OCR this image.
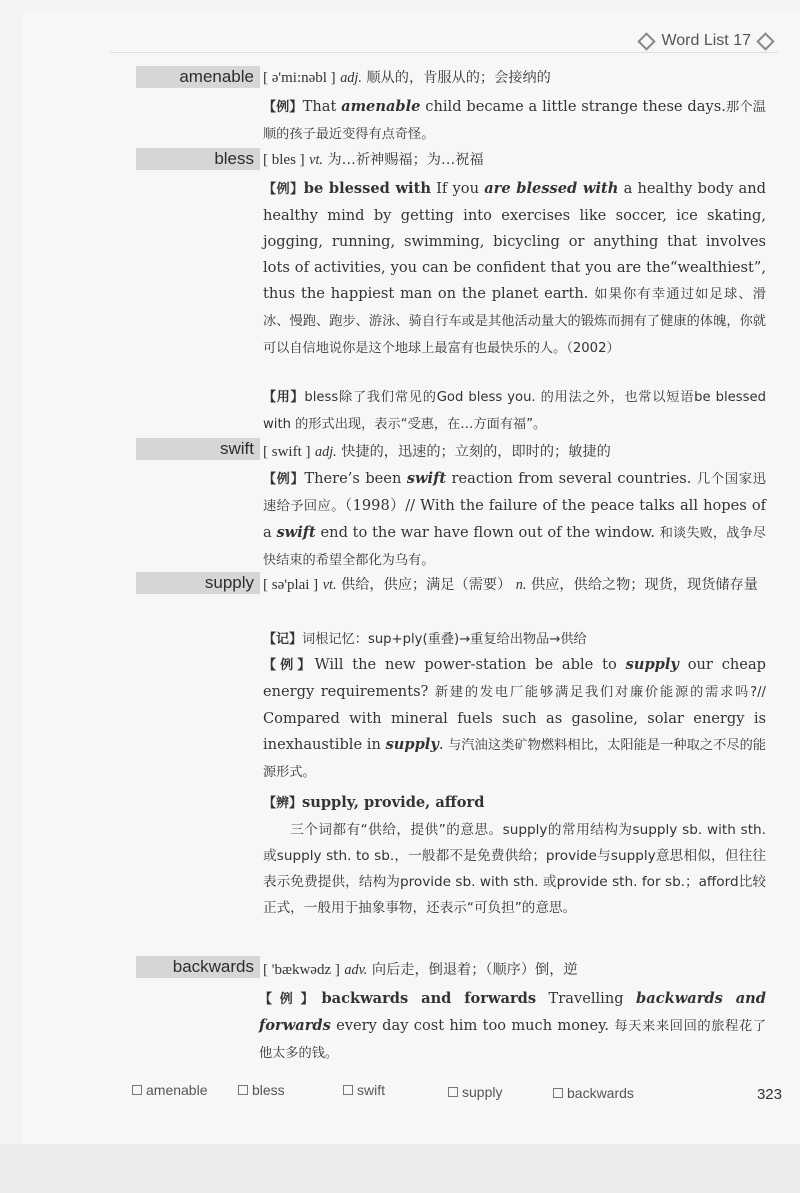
Word List 17
amenable [ ə'mi:nəbl ] adj. 顺从的，肯服从的；会接纳的
【例】That amenable child became a little strange these days.那个温顺的孩子最近变得有点奇怪。
bless [ bles ] vt. 为…祈神赐福；为…祝福
【例】be blessed with If you are blessed with a healthy body and healthy mind by getting into exercises like soccer, ice skating, jogging, running, swimming, bicycling or anything that involves lots of activities, you can be confident that you are the“wealthiest”, thus the happiest man on the planet earth. 如果你有幸通过如足球、滑冰、慢跑、跑步、游泳、骑自行车或是其他活动量大的锻炼而拥有了健康的体魄，你就可以自信地说你是这个地球上最富有也最快乐的人。（2002）
【用】bless除了我们常见的God bless you. 的用法之外，也常以短语be blessed with 的形式出现，表示“受惠，在…方面有福”。
swift [ swift ] adj. 快捷的，迅速的；立刻的，即时的；敏捷的
【例】There’s been swift reaction from several countries. 几个国家迅速给予回应。（1998）// With the failure of the peace talks all hopes of a swift end to the war have flown out of the window. 和谈失败，战争尽快结束的希望全都化为乌有。
supply [ sə'plai ] vt. 供给，供应；满足（需要） n. 供应，供给之物；现货，现货储存量
【记】词根记忆：sup+ply(重叠)→重复给出物品→供给
【例】Will the new power-station be able to supply our cheap energy requirements? 新建的发电厂能够满足我们对廉价能源的需求吗?// Compared with mineral fuels such as gasoline, solar energy is inexhaustible in supply. 与汽油这类矿物燃料相比，太阳能是一种取之不尽的能源形式。
【辨】supply, provide, afford
三个词都有“供给，提供”的意思。supply的常用结构为supply sb. with sth. 或supply sth. to sb.，一般都不是免费供给；provide与supply意思相似，但往往表示免费提供，结构为provide sb. with sth. 或provide sth. for sb.；afford比较正式，一般用于抽象事物，还表示“可负担”的意思。
backwards [ 'bækwədz ] adv. 向后走，倒退着；（顺序）倒，逆
【例】backwards and forwards Travelling backwards and forwards every day cost him too much money. 每天来来回回的旅程花了他太多的钱。
amenable	bless	swift	supply	backwards	323
